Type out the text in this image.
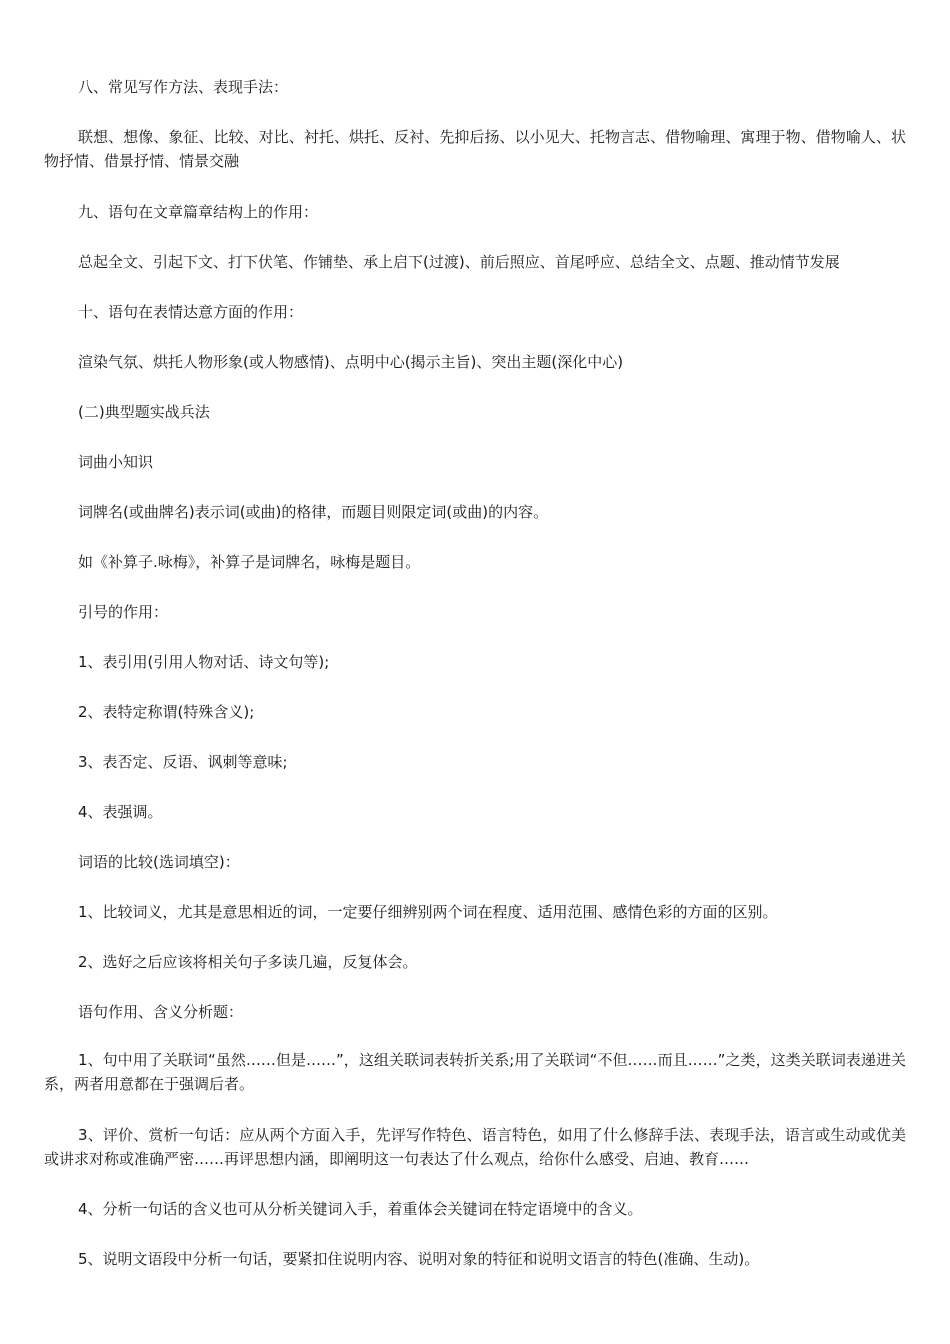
八、常见写作方法、表现手法：

联想、想像、象征、比较、对比、衬托、烘托、反衬、先抑后扬、以小见大、托物言志、借物喻理、寓理于物、借物喻人、状物抒情、借景抒情、情景交融

九、语句在文章篇章结构上的作用：

总起全文、引起下文、打下伏笔、作铺垫、承上启下(过渡)、前后照应、首尾呼应、总结全文、点题、推动情节发展

十、语句在表情达意方面的作用：

渲染气氛、烘托人物形象(或人物感情)、点明中心(揭示主旨)、突出主题(深化中心)

(二)典型题实战兵法

词曲小知识

词牌名(或曲牌名)表示词(或曲)的格律，而题目则限定词(或曲)的内容。

如《补算子.咏梅》，补算子是词牌名，咏梅是题目。

引号的作用：

1、表引用(引用人物对话、诗文句等);

2、表特定称谓(特殊含义);

3、表否定、反语、讽刺等意味;

4、表强调。

词语的比较(选词填空)：

1、比较词义，尤其是意思相近的词，一定要仔细辨别两个词在程度、适用范围、感情色彩的方面的区别。

2、选好之后应该将相关句子多读几遍，反复体会。

语句作用、含义分析题：

1、句中用了关联词“虽然……但是……”，这组关联词表转折关系;用了关联词“不但……而且……”之类，这类关联词表递进关系，两者用意都在于强调后者。

3、评价、赏析一句话：应从两个方面入手，先评写作特色、语言特色，如用了什么修辞手法、表现手法，语言或生动或优美或讲求对称或准确严密……再评思想内涵，即阐明这一句表达了什么观点，给你什么感受、启迪、教育……

4、分析一句话的含义也可从分析关键词入手，着重体会关键词在特定语境中的含义。

5、说明文语段中分析一句话，要紧扣住说明内容、说明对象的特征和说明文语言的特色(准确、生动)。
